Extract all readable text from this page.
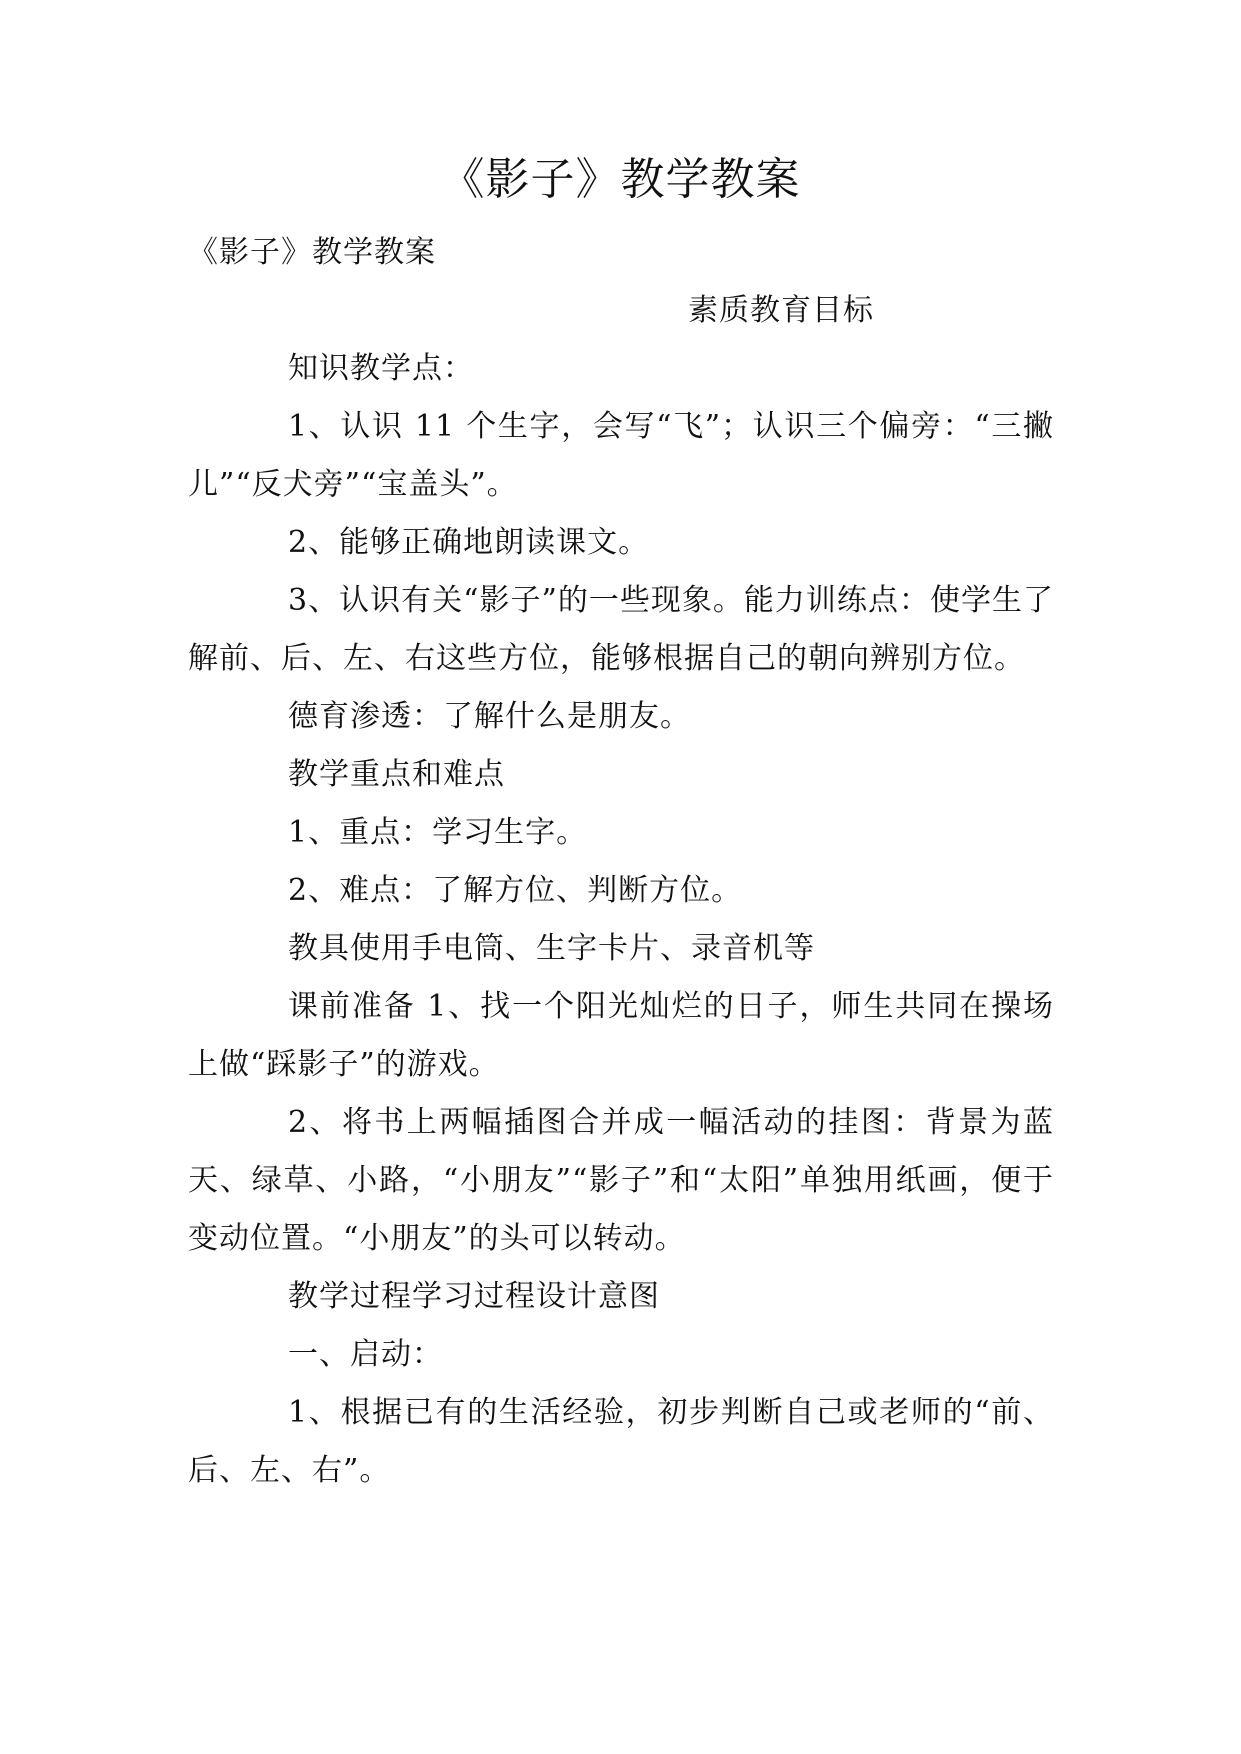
《影子》教学教案

《影子》教学教案

素质教育目标

知识教学点：

1、认识 11 个生字，会写“飞”；认识三个偏旁：“三撇儿”“反犬旁”“宝盖头”。

2、能够正确地朗读课文。

3、认识有关“影子”的一些现象。能力训练点：使学生了解前、后、左、右这些方位，能够根据自己的朝向辨别方位。

德育渗透：了解什么是朋友。

教学重点和难点

1、重点：学习生字。

2、难点：了解方位、判断方位。

教具使用手电筒、生字卡片、录音机等

课前准备 1、找一个阳光灿烂的日子，师生共同在操场上做“踩影子”的游戏。

2、将书上两幅插图合并成一幅活动的挂图：背景为蓝天、绿草、小路，“小朋友”“影子”和“太阳”单独用纸画，便于变动位置。“小朋友”的头可以转动。

教学过程学习过程设计意图

一、启动：

1、根据已有的生活经验，初步判断自己或老师的“前、后、左、右”。
